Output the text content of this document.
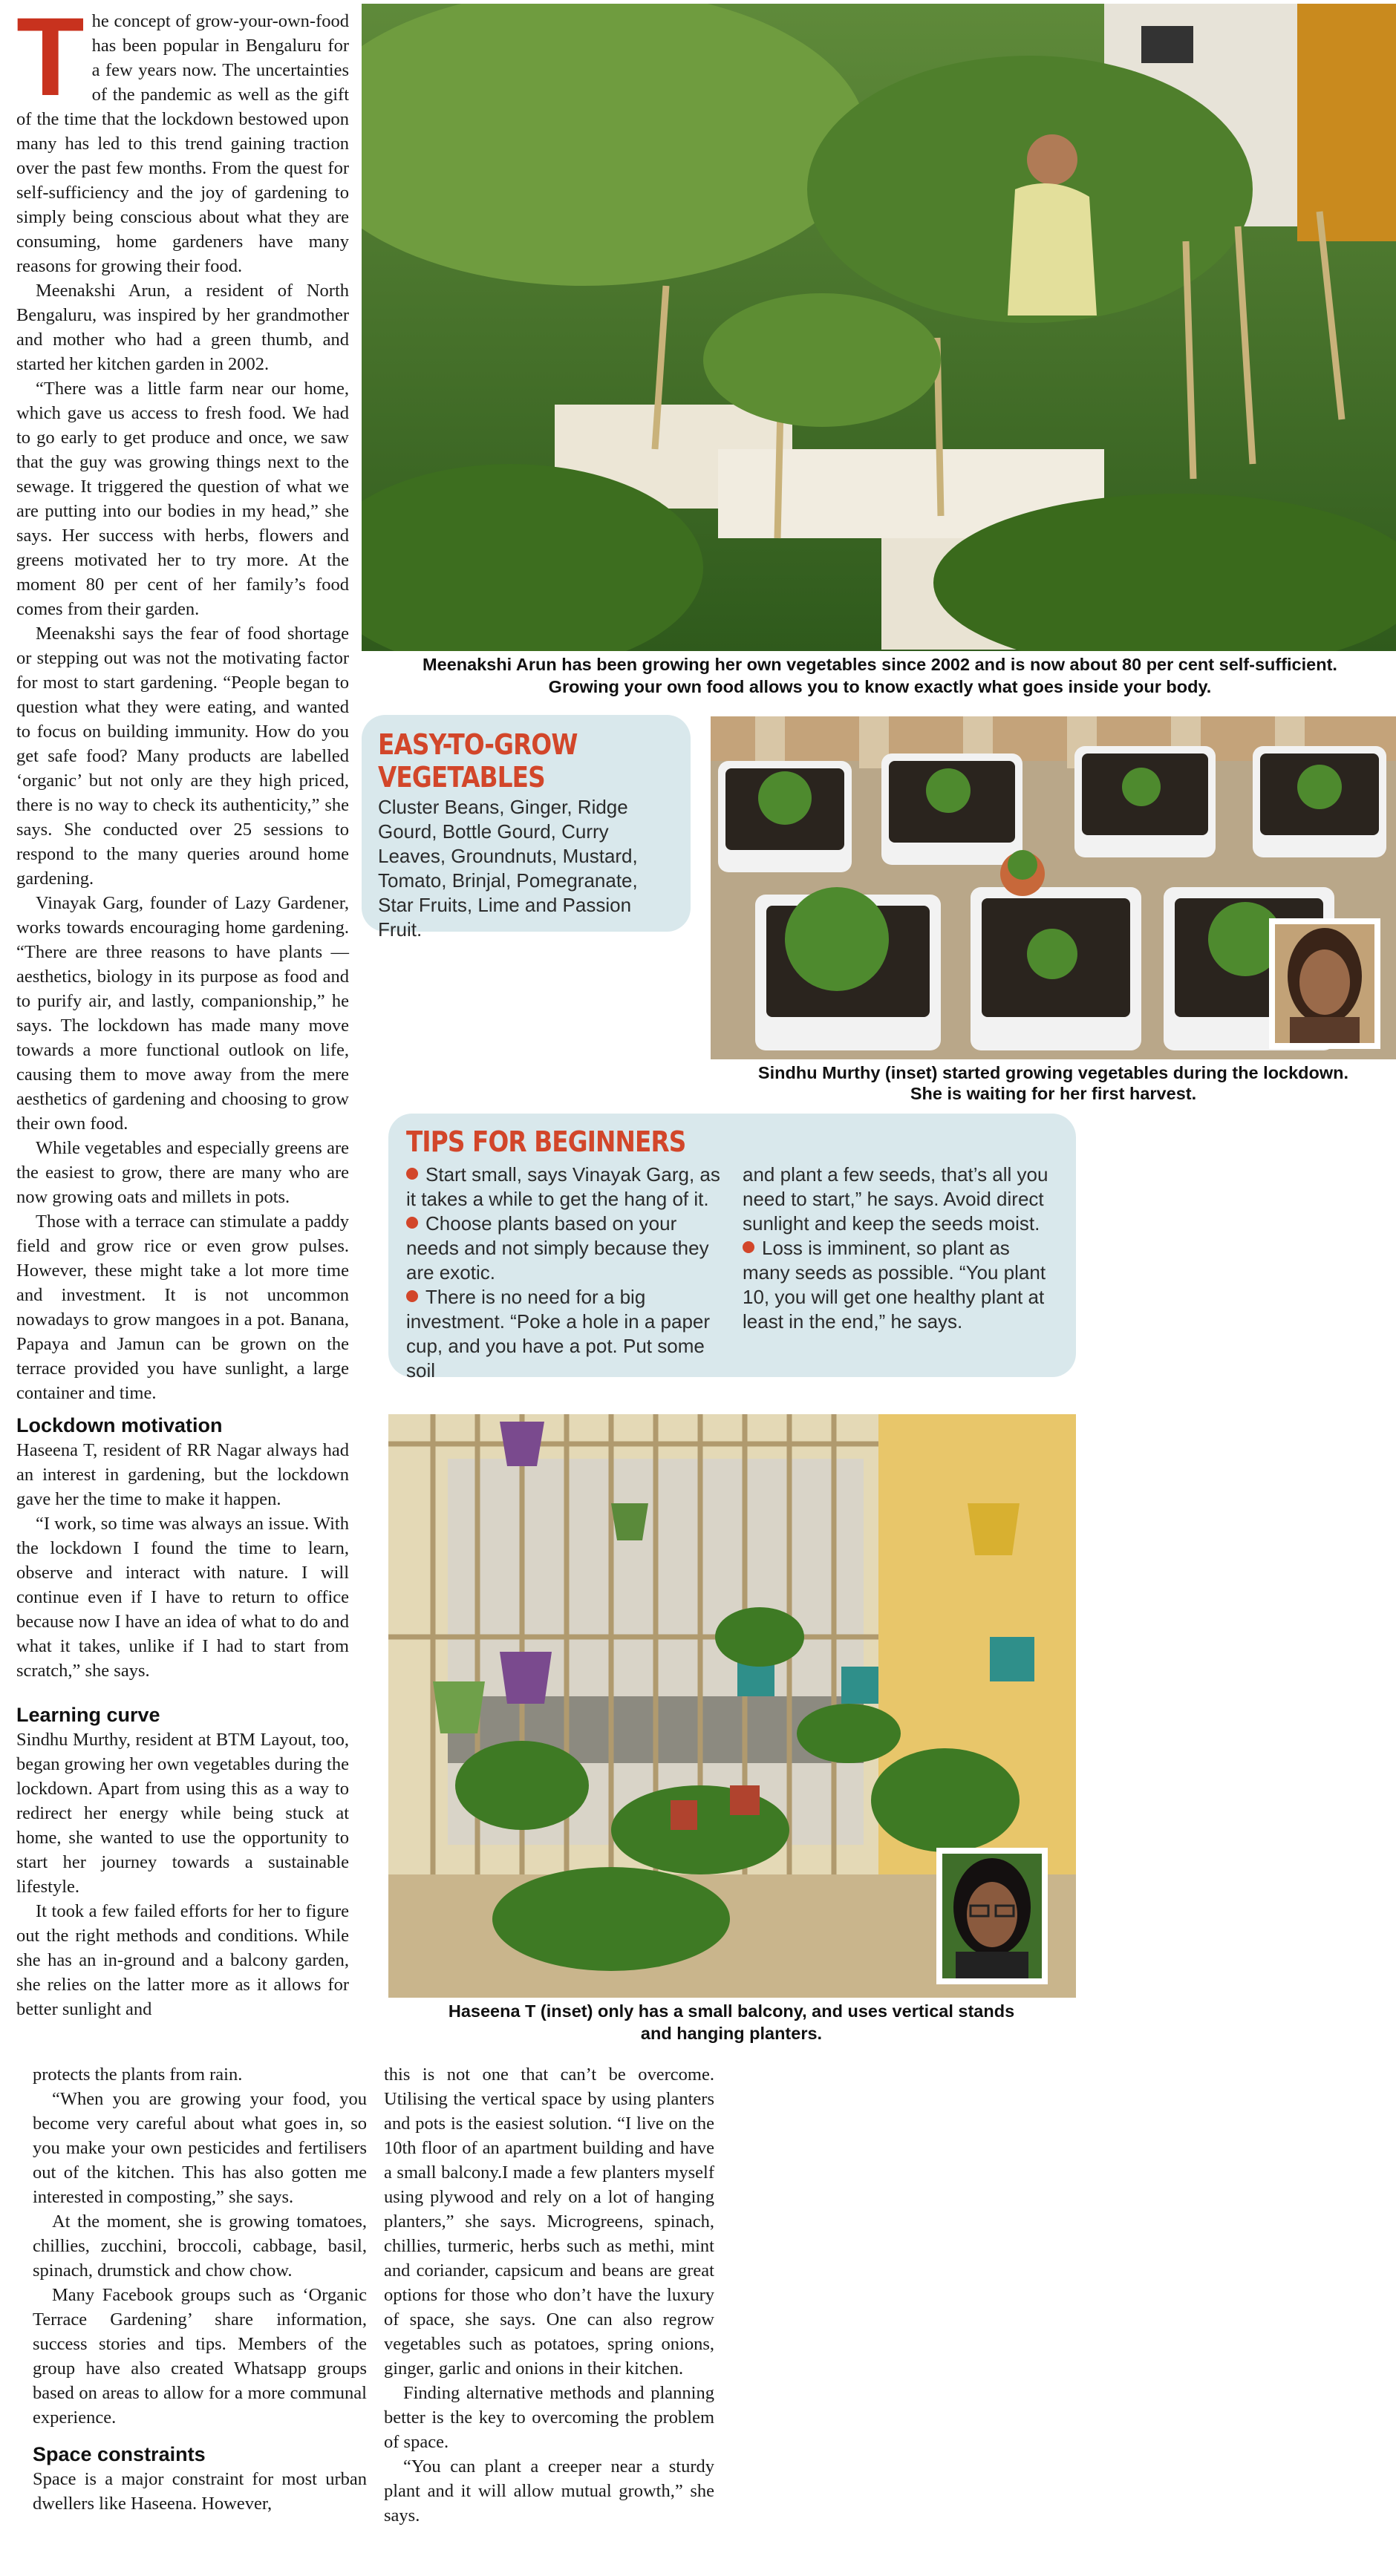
T he concept of grow-your-own-food has been popular in Bengaluru for a few years now. The uncertainties of the pandemic as well as the gift of the time that the lockdown bestowed upon many has led to this trend gaining traction over the past few months. From the quest for self-sufficiency and the joy of gardening to simply being conscious about what they are consuming, home gardeners have many reasons for growing their food.

Meenakshi Arun, a resident of North Bengaluru, was inspired by her grandmother and mother who had a green thumb, and started her kitchen garden in 2002.

“There was a little farm near our home, which gave us access to fresh food. We had to go early to get produce and once, we saw that the guy was growing things next to the sewage. It triggered the question of what we are putting into our bodies in my head,” she says. Her success with herbs, flowers and greens motivated her to try more. At the moment 80 per cent of her family’s food comes from their garden.

Meenakshi says the fear of food shortage or stepping out was not the motivating factor for most to start gardening. “People began to question what they were eating, and wanted to focus on building immunity. How do you get safe food? Many products are labelled ‘organic’ but not only are they high priced, there is no way to check its authenticity,” she says. She conducted over 25 sessions to respond to the many queries around home gardening.

Vinayak Garg, founder of Lazy Gardener, works towards encouraging home gardening. “There are three reasons to have plants — aesthetics, biology in its purpose as food and to purify air, and lastly, companionship,” he says. The lockdown has made many move towards a more functional outlook on life, causing them to move away from the mere aesthetics of gardening and choosing to grow their own food.

While vegetables and especially greens are the easiest to grow, there are many who are now growing oats and millets in pots.

Those with a terrace can stimulate a paddy field and grow rice or even grow pulses. However, these might take a lot more time and investment. It is not uncommon nowadays to grow mangoes in a pot. Banana, Papaya and Jamun can be grown on the terrace provided you have sunlight, a large container and time.

Lockdown motivation

Haseena T, resident of RR Nagar always had an interest in gardening, but the lockdown gave her the time to make it happen.

“I work, so time was always an issue. With the lockdown I found the time to learn, observe and interact with nature. I will continue even if I have to return to office because now I have an idea of what to do and what it takes, unlike if I had to start from scratch,” she says.

Learning curve

Sindhu Murthy, resident at BTM Layout, too, began growing her own vegetables during the lockdown. Apart from using this as a way to redirect her energy while being stuck at home, she wanted to use the opportunity to start her journey towards a sustainable lifestyle.

It took a few failed efforts for her to figure out the right methods and conditions. While she has an in-ground and a balcony garden, she relies on the latter more as it allows for better sunlight and

Meenakshi Arun has been growing her own vegetables since 2002 and is now about 80 per cent self-sufficient. Growing your own food allows you to know exactly what goes inside your body.
EASY-TO-GROW
VEGETABLES
Cluster Beans, Ginger, Ridge Gourd, Bottle Gourd, Curry Leaves, Groundnuts, Mustard, Tomato, Brinjal, Pomegranate, Star Fruits, Lime and Passion Fruit.
Sindhu Murthy (inset) started growing vegetables during the lockdown.
She is waiting for her first harvest.
TIPS FOR BEGINNERS

Start small, says Vinayak Garg, as it takes a while to get the hang of it.

Choose plants based on your needs and not simply because they are exotic.

There is no need for a big investment. “Poke a hole in a paper cup, and you have a pot. Put some soil

and plant a few seeds, that’s all you need to start,” he says. Avoid direct sunlight and keep the seeds moist.

Loss is imminent, so plant as many seeds as possible. “You plant 10, you will get one healthy plant at least in the end,” he says.

Haseena T (inset) only has a small balcony, and uses vertical stands and hanging planters.

protects the plants from rain.

“When you are growing your food, you become very careful about what goes in, so you make your own pesticides and fertilisers out of the kitchen. This has also gotten me interested in composting,” she says.

At the moment, she is growing tomatoes, chillies, zucchini, broccoli, cabbage, basil, spinach, drumstick and chow chow.

Many Facebook groups such as ‘Organic Terrace Gardening’ share information, success stories and tips. Members of the group have also created Whatsapp groups based on areas to allow for a more communal experience.

Space constraints

Space is a major constraint for most urban dwellers like Haseena. However,

this is not one that can’t be overcome. Utilising the vertical space by using planters and pots is the easiest solution. “I live on the 10th floor of an apartment building and have a small balcony.I made a few planters myself using plywood and rely on a lot of hanging planters,” she says. Microgreens, spinach, chillies, turmeric, herbs such as methi, mint and coriander, capsicum and beans are great options for those who don’t have the luxury of space, she says. One can also regrow vegetables such as potatoes, spring onions, ginger, garlic and onions in their kitchen.

Finding alternative methods and planning better is the key to overcoming the problem of space.

“You can plant a creeper near a sturdy plant and it will allow mutual growth,” she says.
